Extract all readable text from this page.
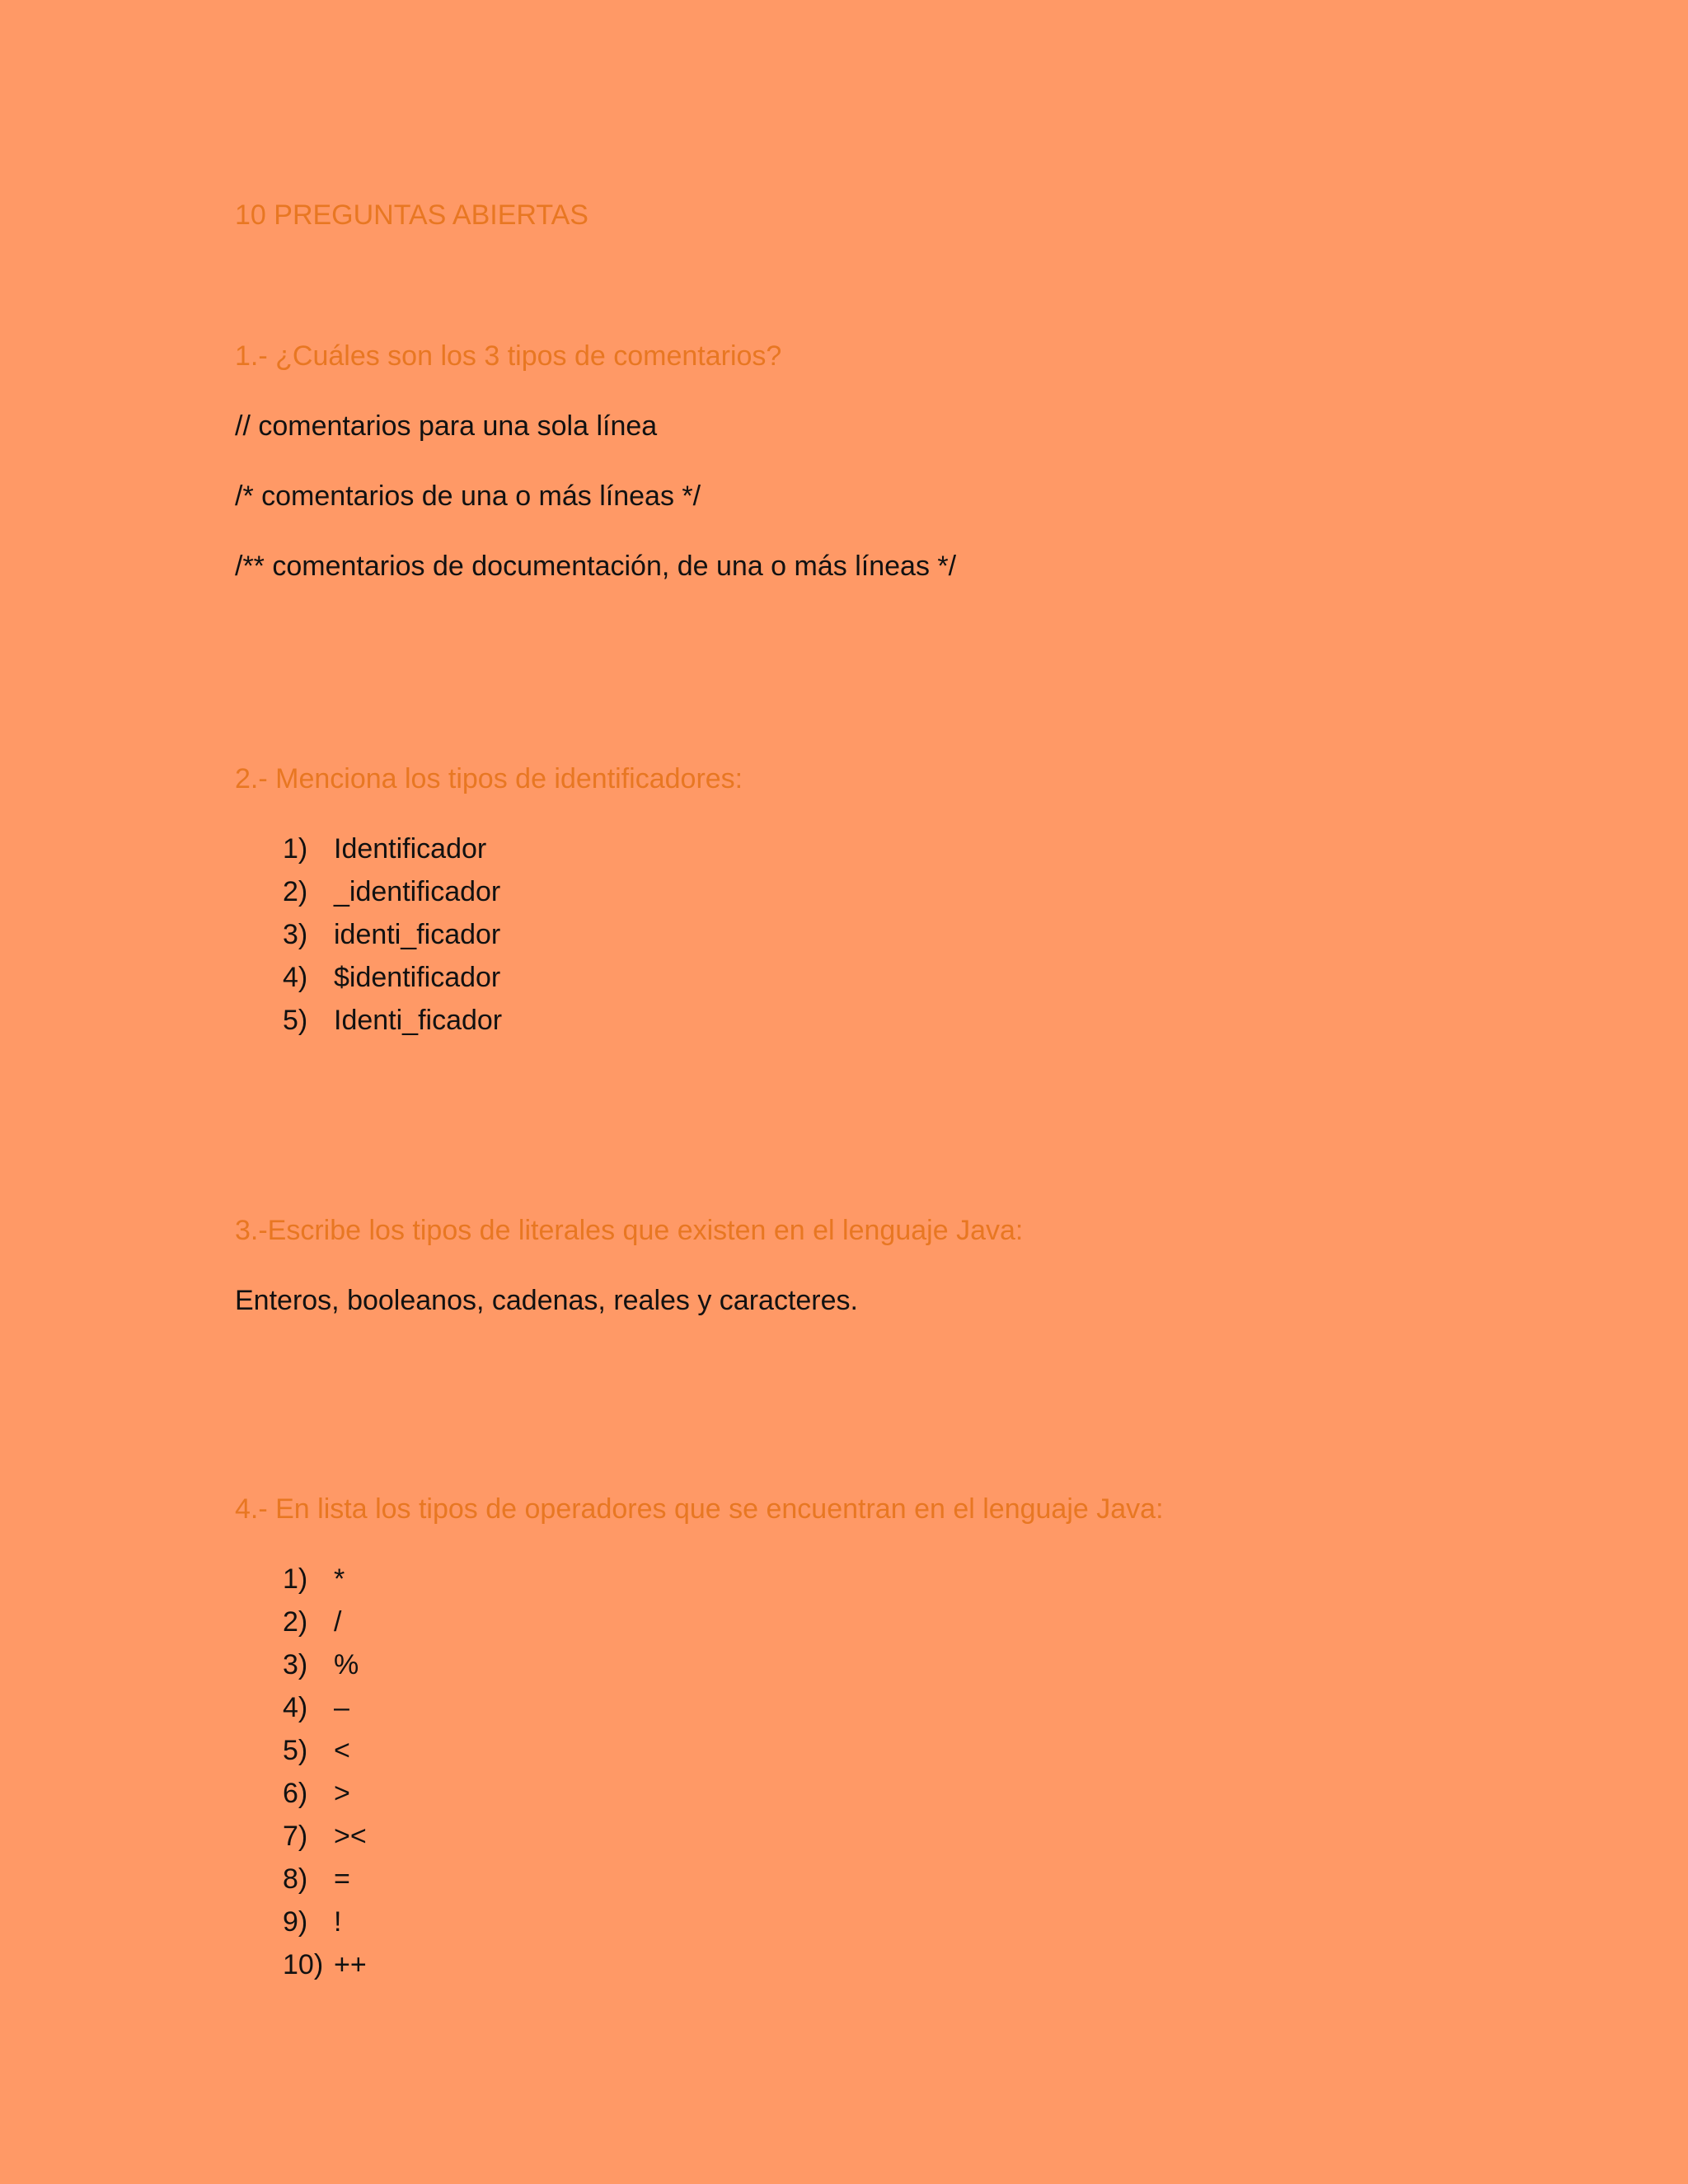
10 PREGUNTAS ABIERTAS
1.- ¿Cuáles son los 3 tipos de comentarios?

// comentarios para una sola línea

/* comentarios de una o más líneas */

/** comentarios de documentación, de una o más líneas */

2.- Menciona los tipos de identificadores:
1) Identificador
2) _identificador
3) identi_ficador
4) $identificador
5) Identi_ficador
3.-Escribe los tipos de literales que existen en el lenguaje Java:

Enteros, booleanos, cadenas, reales y caracteres.

4.- En lista los tipos de operadores que se encuentran en el lenguaje Java:
1) *
2) /
3) %
4) –
5) <
6) >
7) ><
8) =
9) !
10) ++
